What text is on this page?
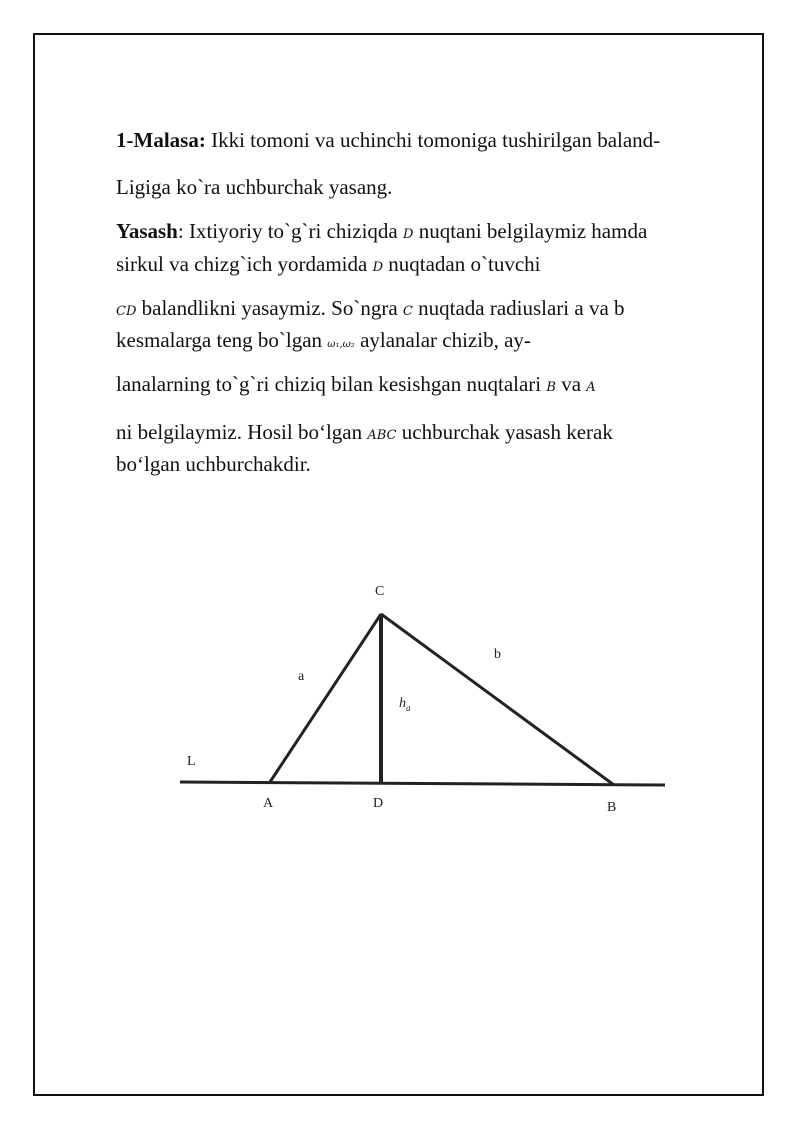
1-Malasa: Ikki tomoni va uchinchi tomoniga tushirilgan baland-
Ligiga ko`ra uchburchak yasang.
Yasash: Ixtiyoriy to`g`ri chiziqda D nuqtani belgilaymiz hamda
sirkul va chizg`ich yordamida D nuqtadan o`tuvchi
CD balandlikni yasaymiz. So`ngra C nuqtada radiuslari a va b
kesmalarga teng bo`lgan ω₁,ω₂ aylanalar chizib, ay-
lanalarning to`g`ri chiziq bilan kesishgan nuqtalari B va A
ni belgilaymiz. Hosil bo‘lgan ABC uchburchak yasash kerak
bo‘lgan uchburchakdir.
C
a
b
$h_a$
L
A	D	B
